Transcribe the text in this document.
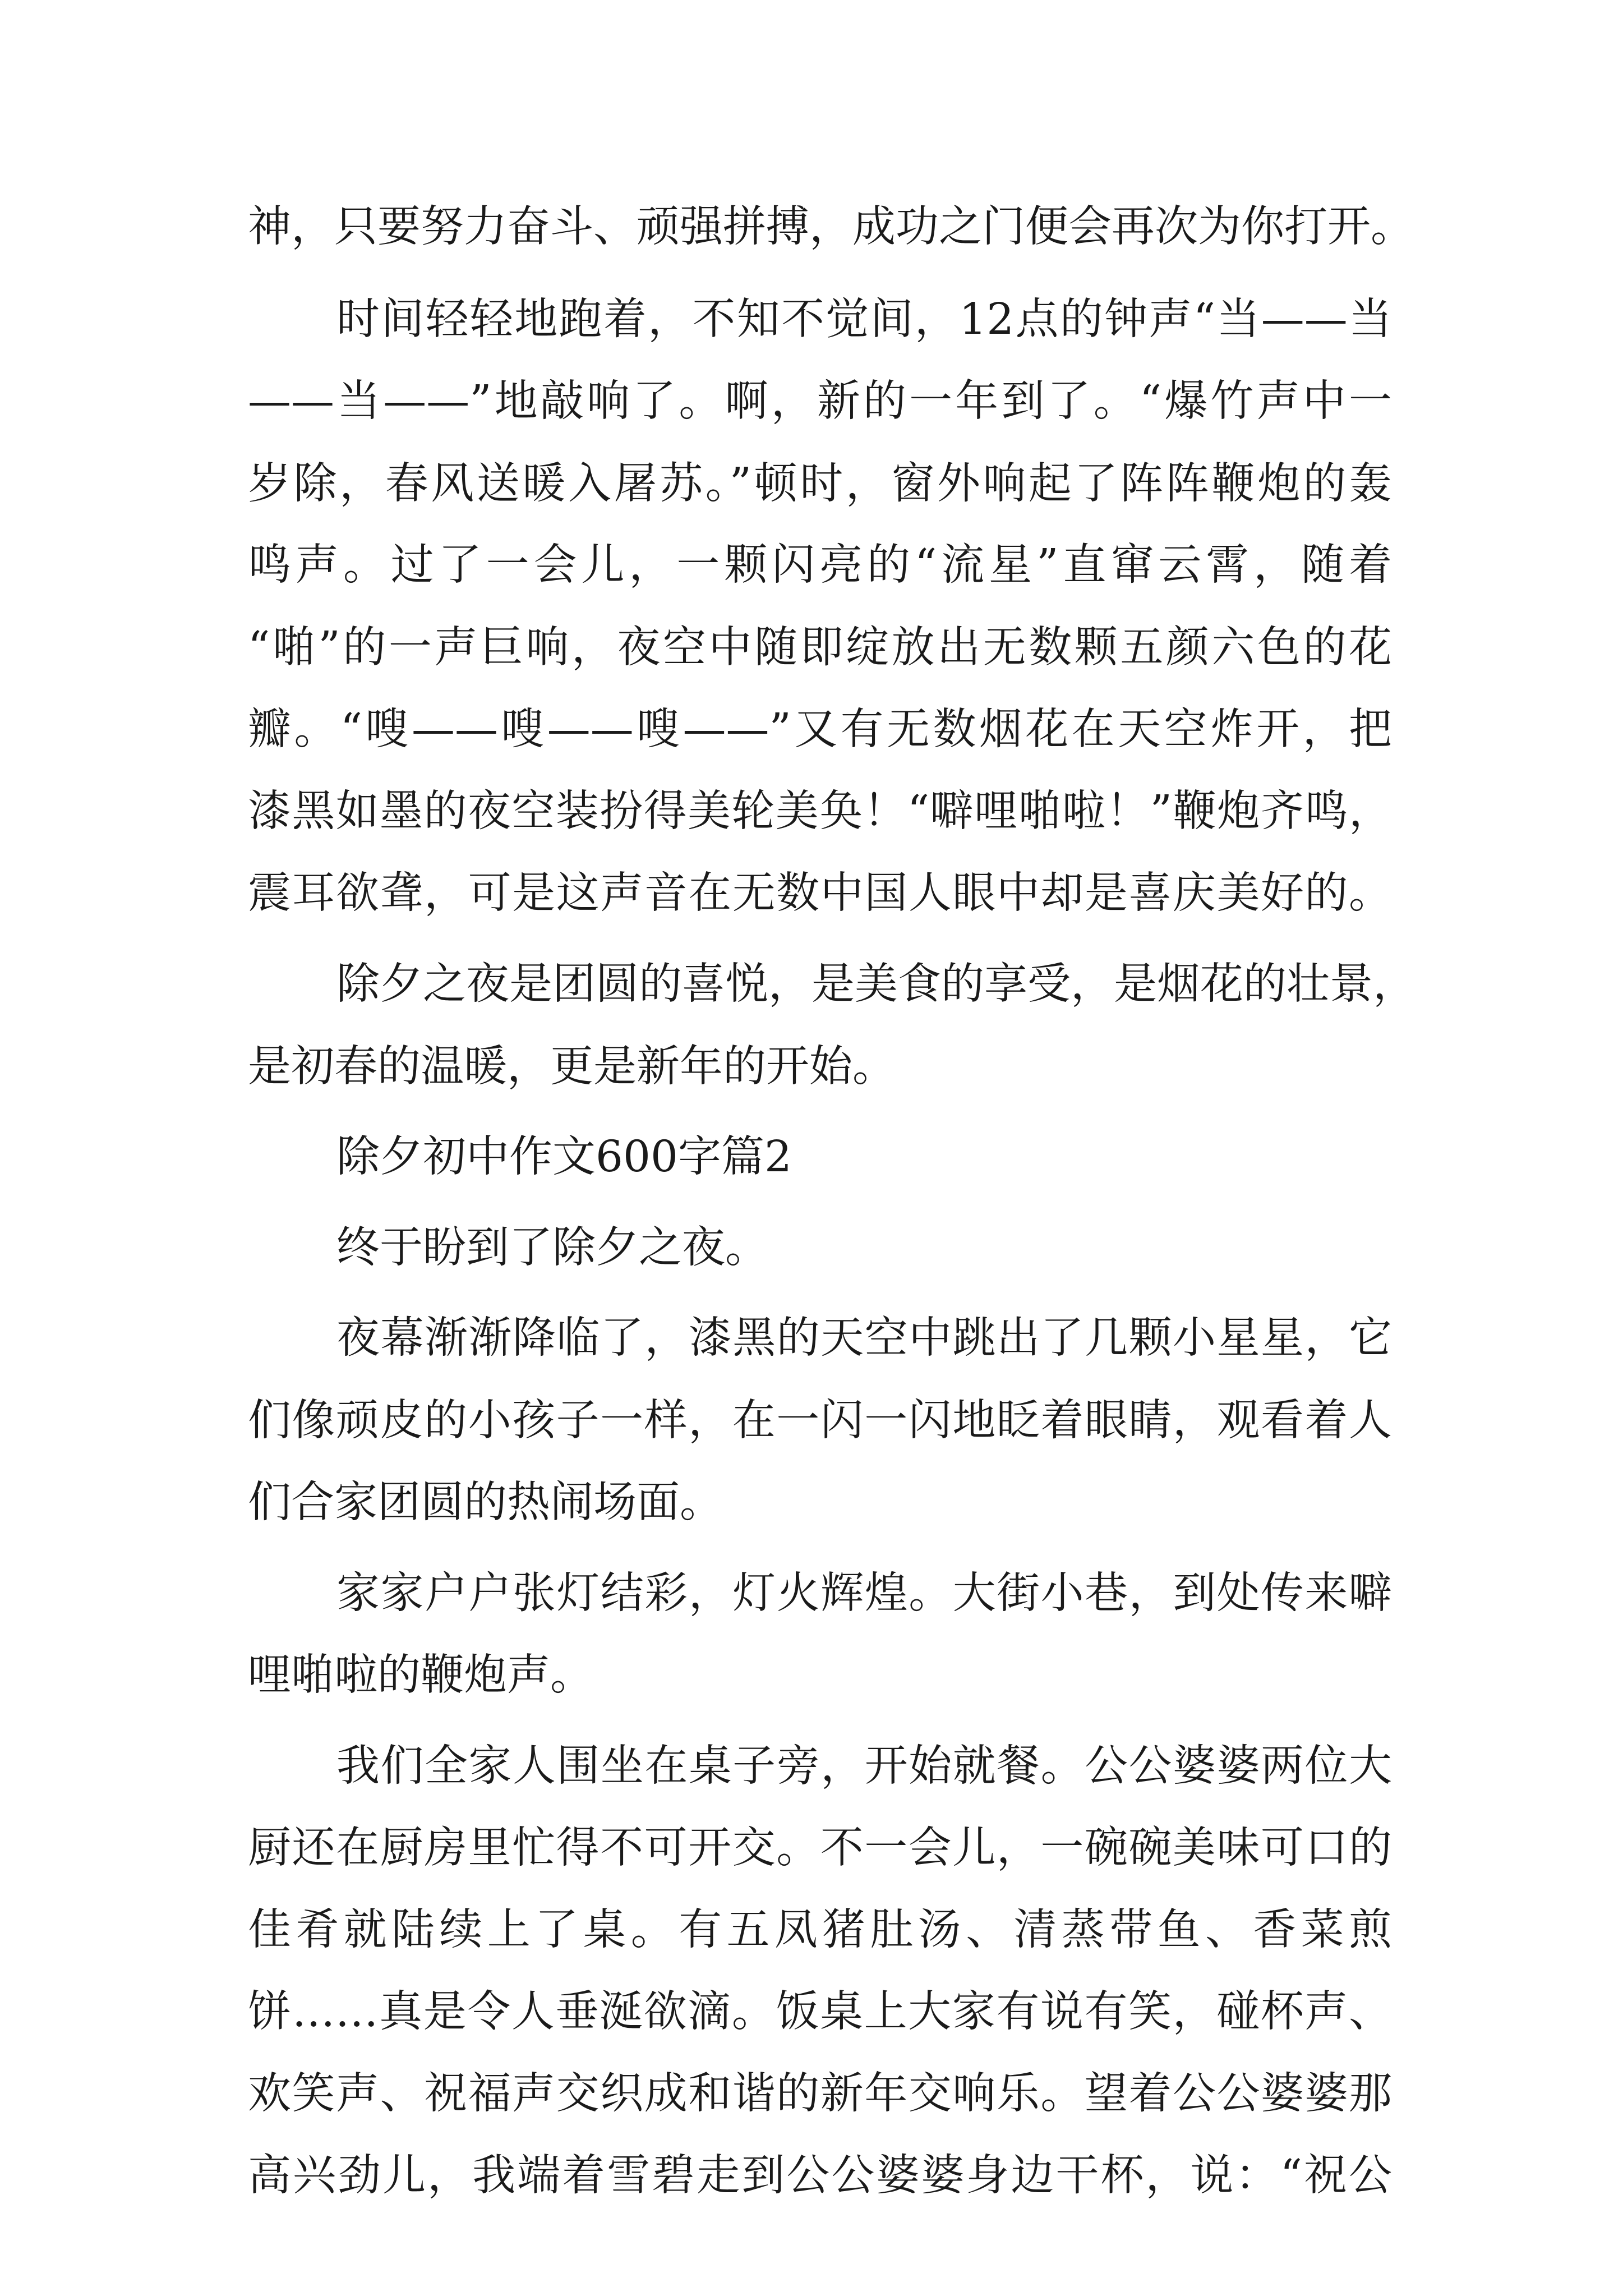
神，只要努力奋斗、顽强拼搏，成功之门便会再次为你打开。
时间轻轻地跑着，不知不觉间，12点的钟声“当——当
——当——”地敲响了。啊，新的一年到了。“爆竹声中一
岁除，春风送暖入屠苏。”顿时，窗外响起了阵阵鞭炮的轰
鸣声。过了一会儿，一颗闪亮的“流星”直窜云霄，随着
“啪”的一声巨响，夜空中随即绽放出无数颗五颜六色的花
瓣。“嗖——嗖——嗖——”又有无数烟花在天空炸开，把
漆黑如墨的夜空装扮得美轮美奂！“噼哩啪啦！”鞭炮齐鸣，
震耳欲聋，可是这声音在无数中国人眼中却是喜庆美好的。
除夕之夜是团圆的喜悦，是美食的享受，是烟花的壮景，
是初春的温暖，更是新年的开始。
除夕初中作文600字篇2
终于盼到了除夕之夜。
夜幕渐渐降临了，漆黑的天空中跳出了几颗小星星，它
们像顽皮的小孩子一样，在一闪一闪地眨着眼睛，观看着人
们合家团圆的热闹场面。
家家户户张灯结彩，灯火辉煌。大街小巷，到处传来噼
哩啪啦的鞭炮声。
我们全家人围坐在桌子旁，开始就餐。公公婆婆两位大
厨还在厨房里忙得不可开交。不一会儿，一碗碗美味可口的
佳肴就陆续上了桌。有五凤猪肚汤、清蒸带鱼、香菜煎
饼……真是令人垂涎欲滴。饭桌上大家有说有笑，碰杯声、
欢笑声、祝福声交织成和谐的新年交响乐。望着公公婆婆那
高兴劲儿，我端着雪碧走到公公婆婆身边干杯，说：“祝公
